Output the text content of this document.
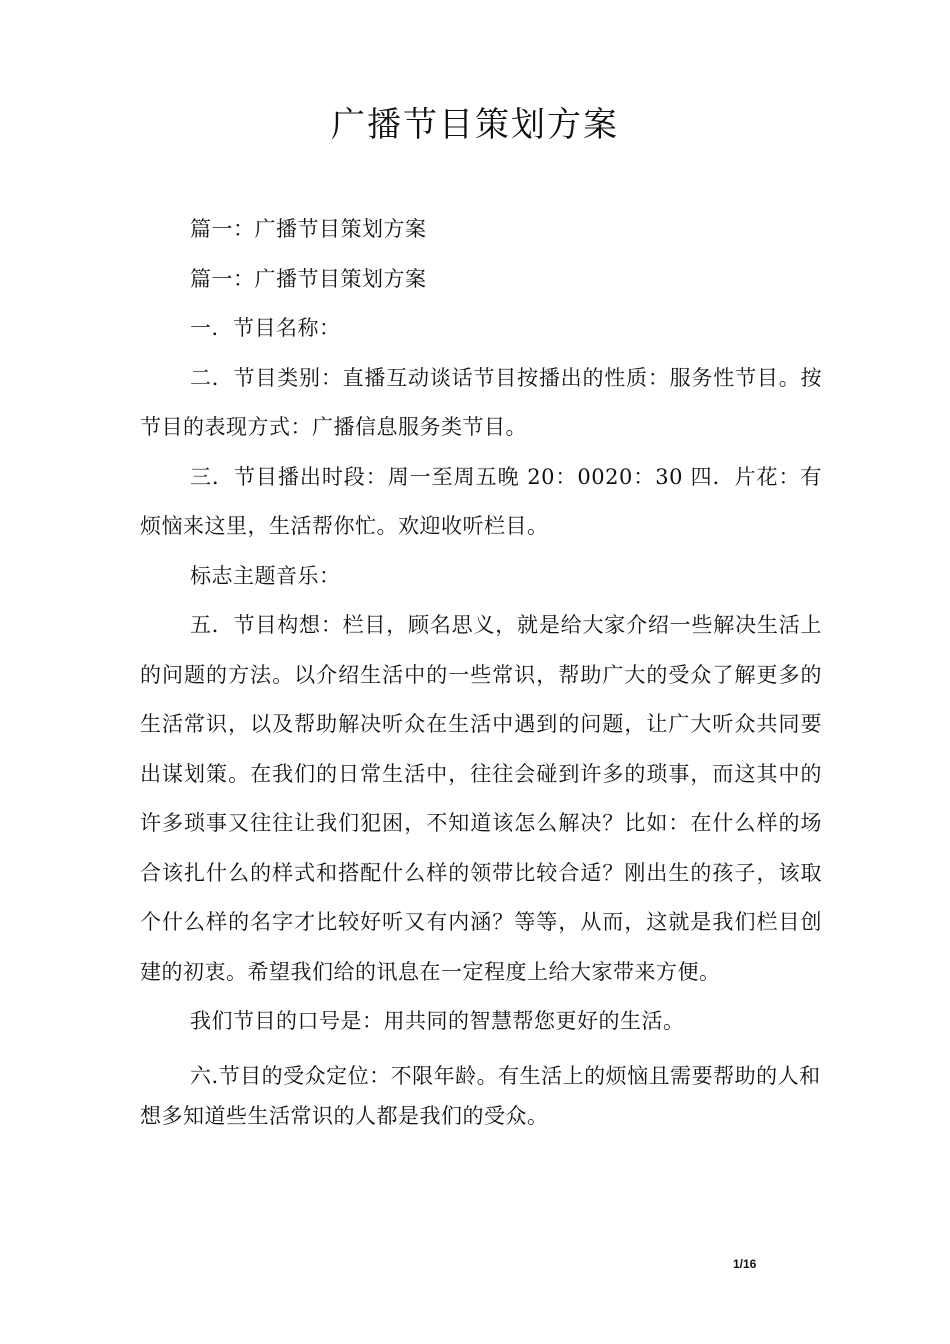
广播节目策划方案

篇一：广播节目策划方案

篇一：广播节目策划方案

一．节目名称：

二．节目类别：直播互动谈话节目按播出的性质：服务性节目。按节目的表现方式：广播信息服务类节目。

三．节目播出时段：周一至周五晚 20：0020：30 四．片花：有烦恼来这里，生活帮你忙。欢迎收听栏目。

标志主题音乐：

五．节目构想：栏目，顾名思义，就是给大家介绍一些解决生活上的问题的方法。以介绍生活中的一些常识，帮助广大的受众了解更多的生活常识，以及帮助解决听众在生活中遇到的问题，让广大听众共同要出谋划策。在我们的日常生活中，往往会碰到许多的琐事，而这其中的许多琐事又往往让我们犯困，不知道该怎么解决？比如：在什么样的场合该扎什么的样式和搭配什么样的领带比较合适？刚出生的孩子，该取个什么样的名字才比较好听又有内涵？等等，从而，这就是我们栏目创建的初衷。希望我们给的讯息在一定程度上给大家带来方便。

我们节目的口号是：用共同的智慧帮您更好的生活。

六.节目的受众定位：不限年龄。有生活上的烦恼且需要帮助的人和想多知道些生活常识的人都是我们的受众。

1/16
